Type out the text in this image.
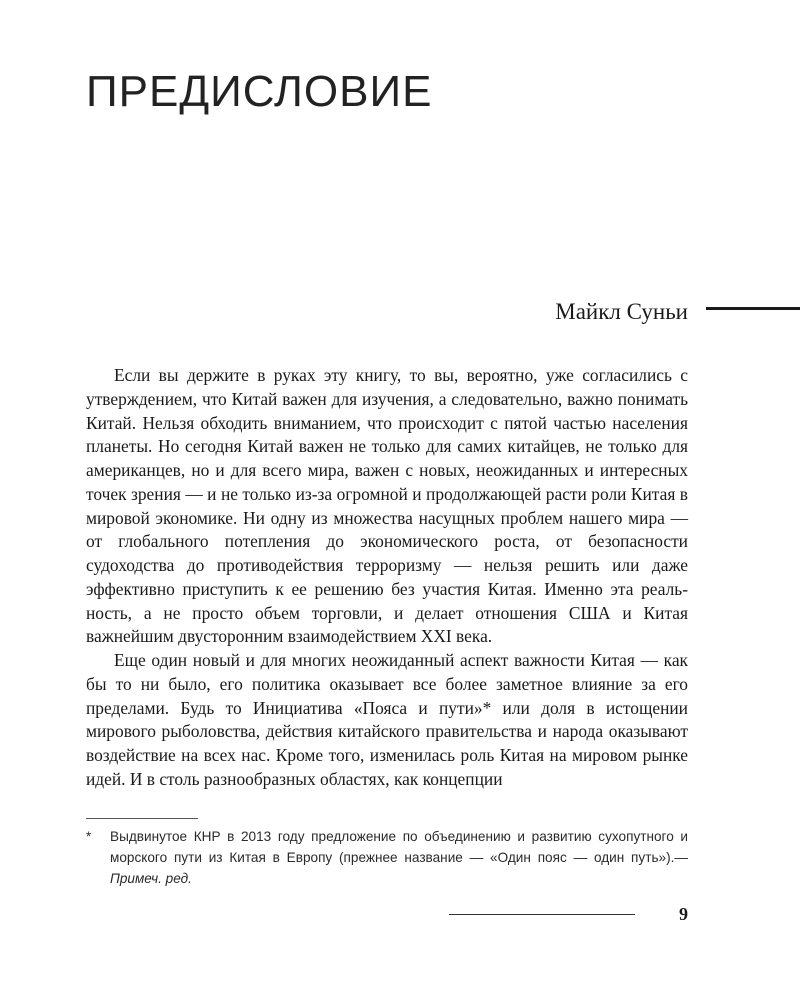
ПРЕДИСЛОВИЕ
Майкл Суньи

Если вы держите в руках эту книгу, то вы, вероятно, уже согласились с утверждением, что Китай важен для изучения, а следовательно, важно понимать Китай. Нельзя обходить вниманием, что происходит с пятой частью населения планеты. Но сегодня Китай важен не только для самих китайцев, не только для американцев, но и для всего мира, важен с новых, неожиданных и интересных точек зрения — и не только из-за огромной и продолжающей расти роли Китая в мировой экономике. Ни одну из множества насущных проблем нашего мира — от глобального потепления до экономического роста, от безопасности судоходства до противодействия терроризму — нельзя решить или даже эффективно приступить к ее решению без участия Китая. Именно эта реальность, а не просто объем торговли, и делает отношения США и Китая важнейшим двусторонним взаимодействием XXI века.

Еще один новый и для многих неожиданный аспект важности Китая — как бы то ни было, его политика оказывает все более заметное влияние за его пределами. Будь то Инициатива «Пояса и пути»* или доля в истощении мирового рыболовства, действия китайского правительства и народа оказывают воздействие на всех нас. Кроме того, изменилась роль Китая на мировом рынке идей. И в столь разнообразных областях, как концепции

* Выдвинутое КНР в 2013 году предложение по объединению и развитию сухопутного и морского пути из Китая в Европу (прежнее название — «Один пояс — один путь»).— Примеч. ред.
9
